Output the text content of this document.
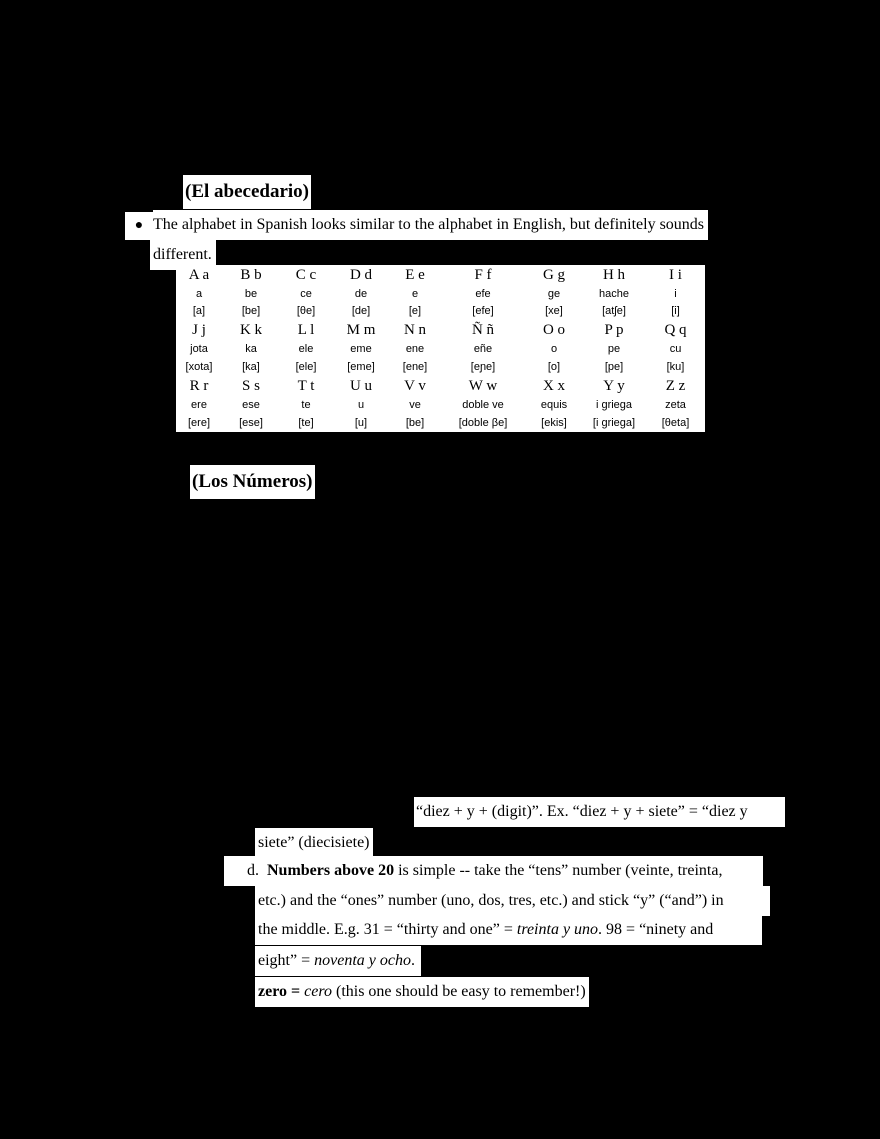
(El abecedario)
● The alphabet in Spanish looks similar to the alphabet in English, but definitely sounds
different.
A a	B b	C c	D d	E e	F f	G g	H h	I i
a	be	ce	de	e	efe	ge	hache	i
[a]	[be]	[θe]	[de]	[e]	[efe]	[xe]	[atʃe]	[i]
J j	K k	L l	M m	N n	Ñ ñ	O o	P p	Q q
jota	ka	ele	eme	ene	eñe	o	pe	cu
[xota]	[ka]	[ele]	[eme]	[ene]	[eɲe]	[o]	[pe]	[ku]
R r	S s	T t	U u	V v	W w	X x	Y y	Z z
ere	ese	te	u	ve	doble ve	equis	i griega	zeta
[ere]	[ese]	[te]	[u]	[be]	[doble βe]	[ekis]	[i griega]	[θeta]
(Los Números)
“diez + y + (digit)”. Ex. “diez + y + siete” = “diez y
siete” (diecisiete)
d. Numbers above 20 is simple -- take the “tens” number (veinte, treinta,
etc.) and the “ones” number (uno, dos, tres, etc.) and stick “y” (“and”) in
the middle. E.g. 31 = “thirty and one” = treinta y uno. 98 = “ninety and
eight” = noventa y ocho.
zero = cero (this one should be easy to remember!)
